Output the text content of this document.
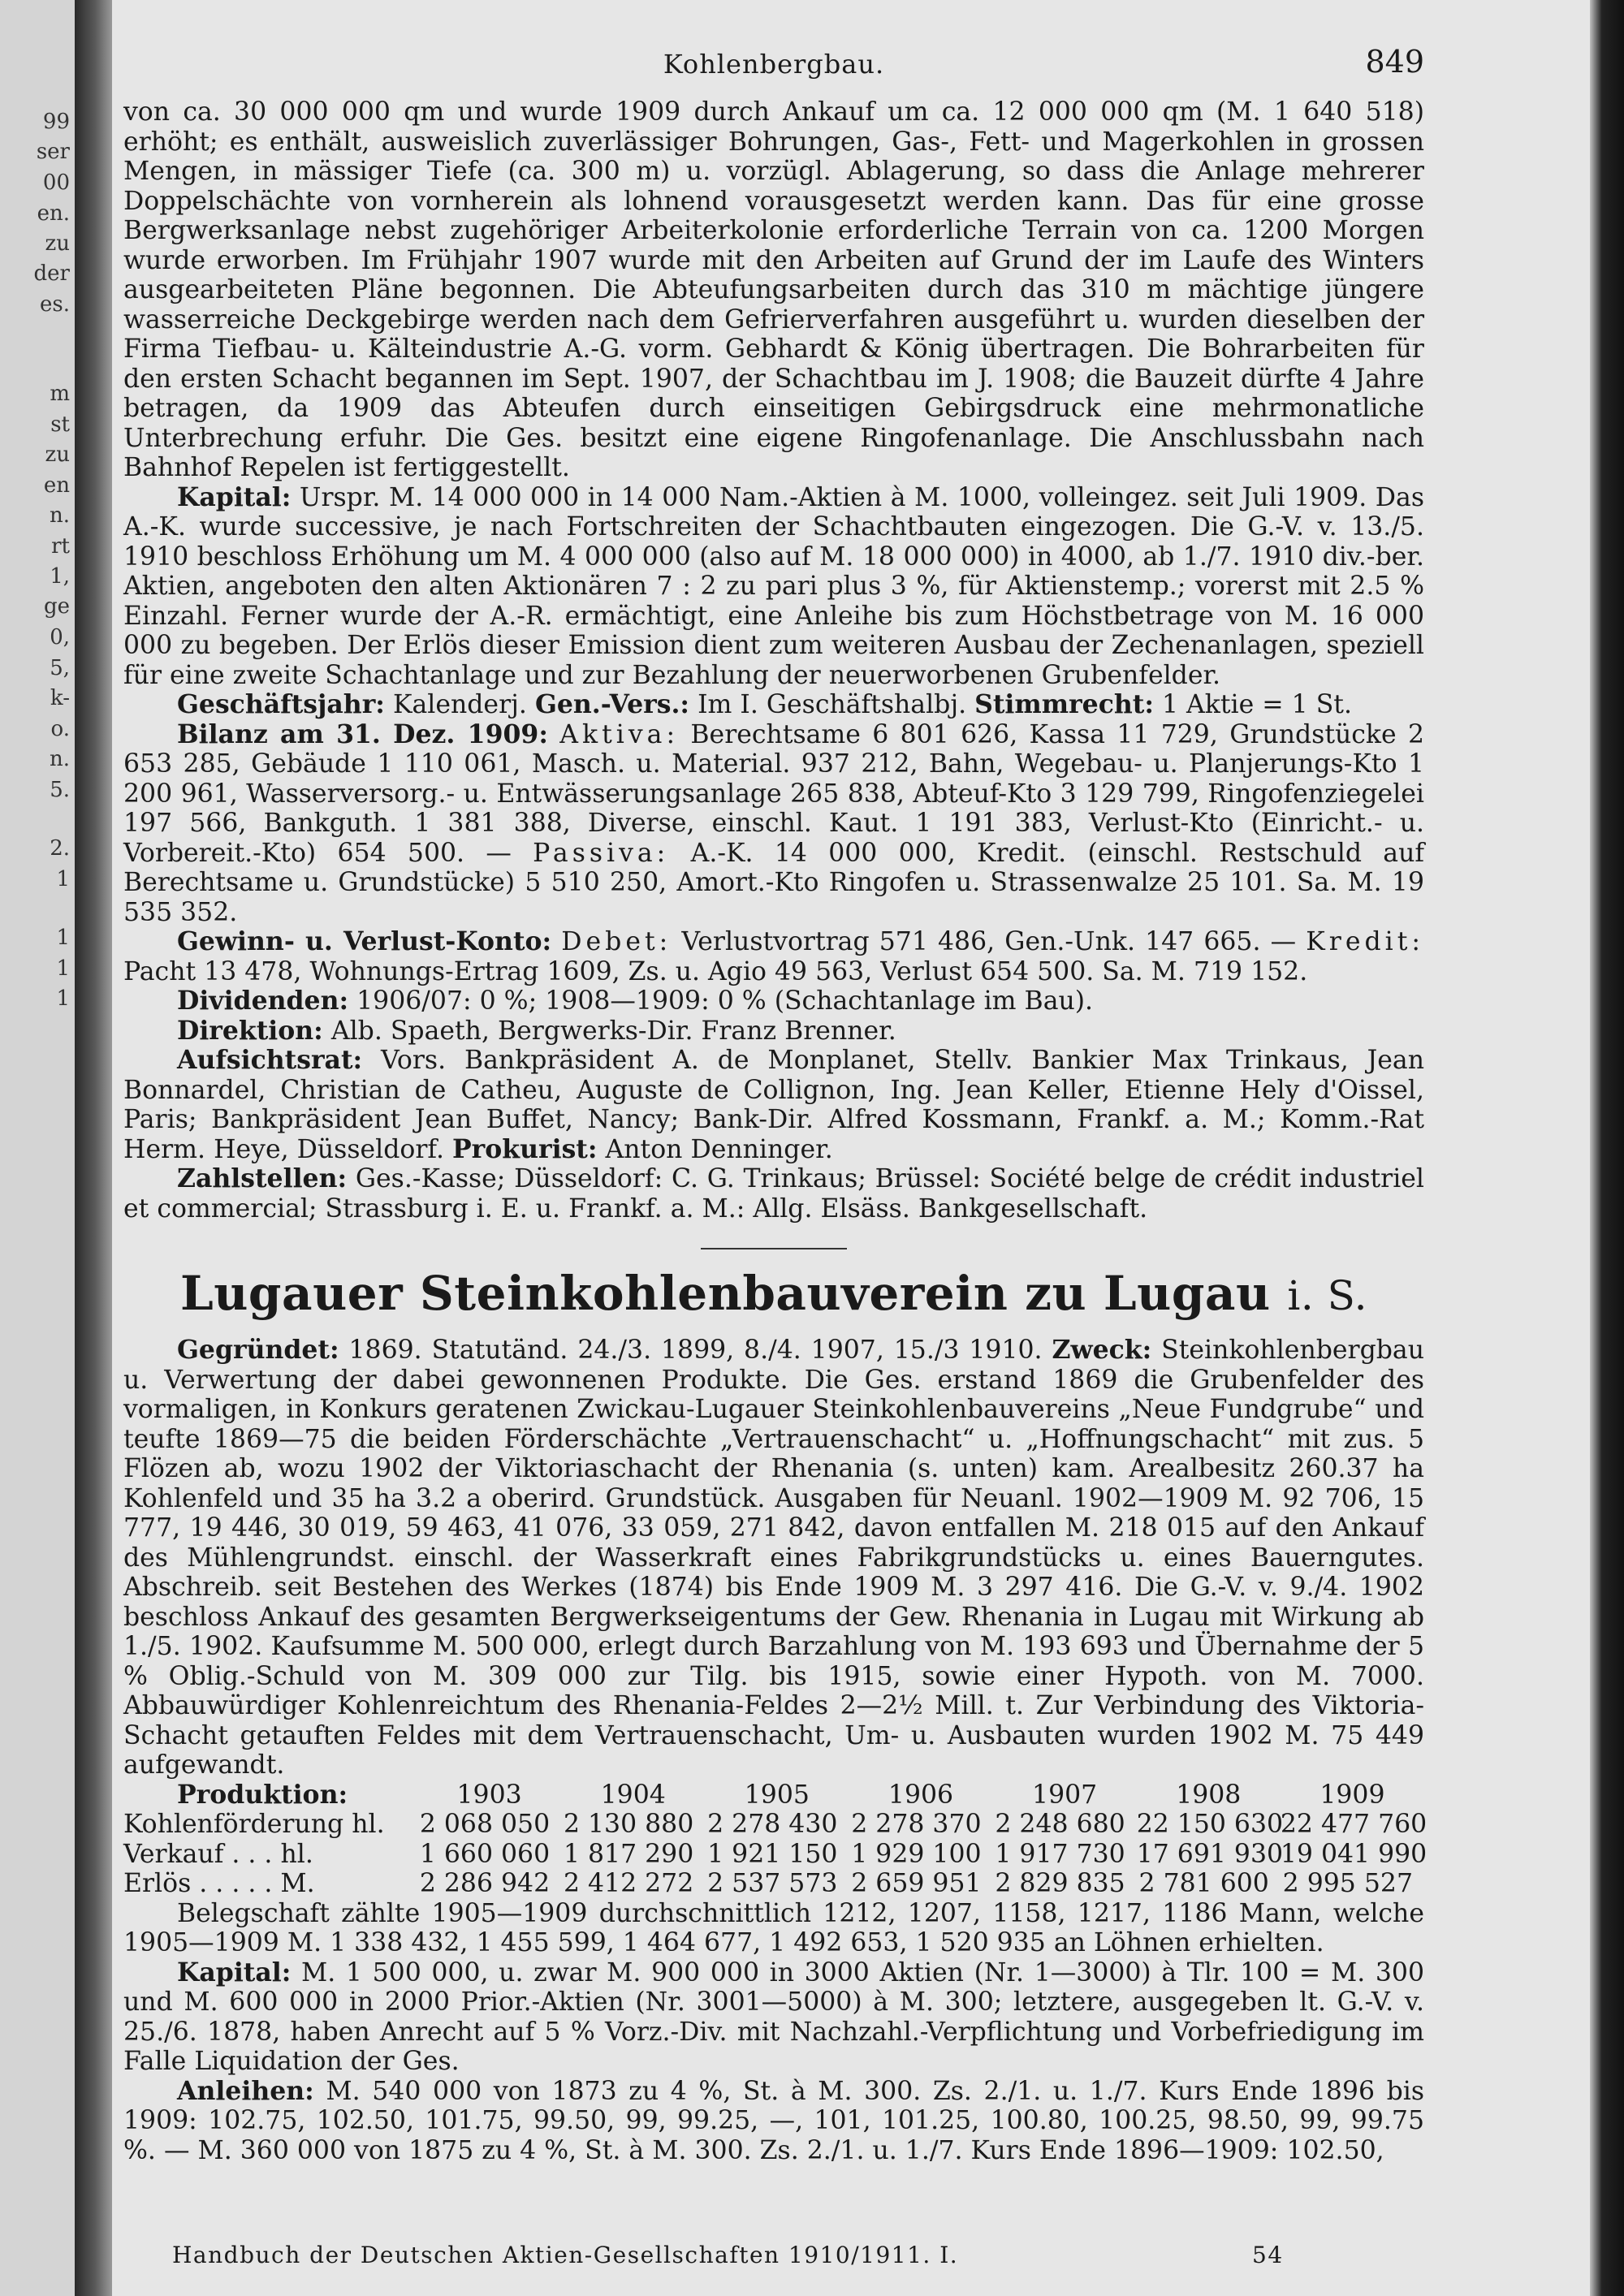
99
ser
00
en.
zu
der
es.
m
st
zu
en
n.
rt
1,
ge
0,
5,
k-
o.
n.
5.
2.
1
1
1
1
Kohlenbergbau.	849

von ca. 30 000 000 qm und wurde 1909 durch Ankauf um ca. 12 000 000 qm (M. 1 640 518) erhöht; es enthält, ausweislich zuverlässiger Bohrungen, Gas-, Fett- und Magerkohlen in grossen Mengen, in mässiger Tiefe (ca. 300 m) u. vorzügl. Ablagerung, so dass die Anlage mehrerer Doppelschächte von vornherein als lohnend vorausgesetzt werden kann. Das für eine grosse Bergwerksanlage nebst zugehöriger Arbeiterkolonie erforderliche Terrain von ca. 1200 Morgen wurde erworben. Im Frühjahr 1907 wurde mit den Arbeiten auf Grund der im Laufe des Winters ausgearbeiteten Pläne begonnen. Die Abteufungsarbeiten durch das 310 m mächtige jüngere wasserreiche Deckgebirge werden nach dem Gefrierverfahren ausgeführt u. wurden dieselben der Firma Tiefbau- u. Kälteindustrie A.-G. vorm. Gebhardt & König übertragen. Die Bohrarbeiten für den ersten Schacht begannen im Sept. 1907, der Schachtbau im J. 1908; die Bauzeit dürfte 4 Jahre betragen, da 1909 das Abteufen durch einseitigen Gebirgsdruck eine mehrmonatliche Unterbrechung erfuhr. Die Ges. besitzt eine eigene Ringofenanlage. Die Anschlussbahn nach Bahnhof Repelen ist fertiggestellt.

Kapital: Urspr. M. 14 000 000 in 14 000 Nam.-Aktien à M. 1000, volleingez. seit Juli 1909. Das A.-K. wurde successive, je nach Fortschreiten der Schachtbauten eingezogen. Die G.-V. v. 13./5. 1910 beschloss Erhöhung um M. 4 000 000 (also auf M. 18 000 000) in 4000, ab 1./7. 1910 div.-ber. Aktien, angeboten den alten Aktionären 7 : 2 zu pari plus 3 %, für Aktienstemp.; vorerst mit 2.5 % Einzahl. Ferner wurde der A.-R. ermächtigt, eine Anleihe bis zum Höchstbetrage von M. 16 000 000 zu begeben. Der Erlös dieser Emission dient zum weiteren Ausbau der Zechenanlagen, speziell für eine zweite Schachtanlage und zur Bezahlung der neuerworbenen Grubenfelder.

Geschäftsjahr: Kalenderj. Gen.-Vers.: Im I. Geschäftshalbj. Stimmrecht: 1 Aktie = 1 St.

Bilanz am 31. Dez. 1909: Aktiva: Berechtsame 6 801 626, Kassa 11 729, Grundstücke 2 653 285, Gebäude 1 110 061, Masch. u. Material. 937 212, Bahn, Wegebau- u. Planjerungs-Kto 1 200 961, Wasserversorg.- u. Entwässerungsanlage 265 838, Abteuf-Kto 3 129 799, Ringofenziegelei 197 566, Bankguth. 1 381 388, Diverse, einschl. Kaut. 1 191 383, Verlust-Kto (Einricht.- u. Vorbereit.-Kto) 654 500. — Passiva: A.-K. 14 000 000, Kredit. (einschl. Restschuld auf Berechtsame u. Grundstücke) 5 510 250, Amort.-Kto Ringofen u. Strassenwalze 25 101. Sa. M. 19 535 352.

Gewinn- u. Verlust-Konto: Debet: Verlustvortrag 571 486, Gen.-Unk. 147 665. — Kredit: Pacht 13 478, Wohnungs-Ertrag 1609, Zs. u. Agio 49 563, Verlust 654 500. Sa. M. 719 152.

Dividenden: 1906/07: 0 %; 1908—1909: 0 % (Schachtanlage im Bau).

Direktion: Alb. Spaeth, Bergwerks-Dir. Franz Brenner.

Aufsichtsrat: Vors. Bankpräsident A. de Monplanet, Stellv. Bankier Max Trinkaus, Jean Bonnardel, Christian de Catheu, Auguste de Collignon, Ing. Jean Keller, Etienne Hely d'Oissel, Paris; Bankpräsident Jean Buffet, Nancy; Bank-Dir. Alfred Kossmann, Frankf. a. M.; Komm.-Rat Herm. Heye, Düsseldorf. Prokurist: Anton Denninger.

Zahlstellen: Ges.-Kasse; Düsseldorf: C. G. Trinkaus; Brüssel: Société belge de crédit industriel et commercial; Strassburg i. E. u. Frankf. a. M.: Allg. Elsäss. Bankgesellschaft.

Lugauer Steinkohlenbauverein zu Lugau i. S.

Gegründet: 1869. Statutänd. 24./3. 1899, 8./4. 1907, 15./3 1910. Zweck: Steinkohlenbergbau u. Verwertung der dabei gewonnenen Produkte. Die Ges. erstand 1869 die Grubenfelder des vormaligen, in Konkurs geratenen Zwickau-Lugauer Steinkohlenbauvereins „Neue Fundgrube“ und teufte 1869—75 die beiden Förderschächte „Vertrauenschacht“ u. „Hoffnungschacht“ mit zus. 5 Flözen ab, wozu 1902 der Viktoriaschacht der Rhenania (s. unten) kam. Arealbesitz 260.37 ha Kohlenfeld und 35 ha 3.2 a oberird. Grundstück. Ausgaben für Neuanl. 1902—1909 M. 92 706, 15 777, 19 446, 30 019, 59 463, 41 076, 33 059, 271 842, davon entfallen M. 218 015 auf den Ankauf des Mühlengrundst. einschl. der Wasserkraft eines Fabrikgrundstücks u. eines Bauerngutes. Abschreib. seit Bestehen des Werkes (1874) bis Ende 1909 M. 3 297 416. Die G.-V. v. 9./4. 1902 beschloss Ankauf des gesamten Bergwerkseigentums der Gew. Rhenania in Lugau mit Wirkung ab 1./5. 1902. Kaufsumme M. 500 000, erlegt durch Barzahlung von M. 193 693 und Übernahme der 5 % Oblig.-Schuld von M. 309 000 zur Tilg. bis 1915, sowie einer Hypoth. von M. 7000. Abbauwürdiger Kohlenreichtum des Rhenania-Feldes 2—2½ Mill. t. Zur Verbindung des Viktoria-Schacht getauften Feldes mit dem Vertrauenschacht, Um- u. Ausbauten wurden 1902 M. 75 449 aufgewandt.

Produktion:	1903	1904	1905	1906	1907	1908	1909
Kohlenförderung hl.	2 068 050	2 130 880	2 278 430	2 278 370	2 248 680	22 150 630	22 477 760
Verkauf . . . hl.	1 660 060	1 817 290	1 921 150	1 929 100	1 917 730	17 691 930	19 041 990
Erlös . . . . . M.	2 286 942	2 412 272	2 537 573	2 659 951	2 829 835	2 781 600	2 995 527

Belegschaft zählte 1905—1909 durchschnittlich 1212, 1207, 1158, 1217, 1186 Mann, welche 1905—1909 M. 1 338 432, 1 455 599, 1 464 677, 1 492 653, 1 520 935 an Löhnen erhielten.

Kapital: M. 1 500 000, u. zwar M. 900 000 in 3000 Aktien (Nr. 1—3000) à Tlr. 100 = M. 300 und M. 600 000 in 2000 Prior.-Aktien (Nr. 3001—5000) à M. 300; letztere, ausgegeben lt. G.-V. v. 25./6. 1878, haben Anrecht auf 5 % Vorz.-Div. mit Nachzahl.-Verpflichtung und Vorbefriedigung im Falle Liquidation der Ges.

Anleihen: M. 540 000 von 1873 zu 4 %, St. à M. 300. Zs. 2./1. u. 1./7. Kurs Ende 1896 bis 1909: 102.75, 102.50, 101.75, 99.50, 99, 99.25, —, 101, 101.25, 100.80, 100.25, 98.50, 99, 99.75 %. — M. 360 000 von 1875 zu 4 %, St. à M. 300. Zs. 2./1. u. 1./7. Kurs Ende 1896—1909: 102.50,

Handbuch der Deutschen Aktien-Gesellschaften 1910/1911. I.	54
